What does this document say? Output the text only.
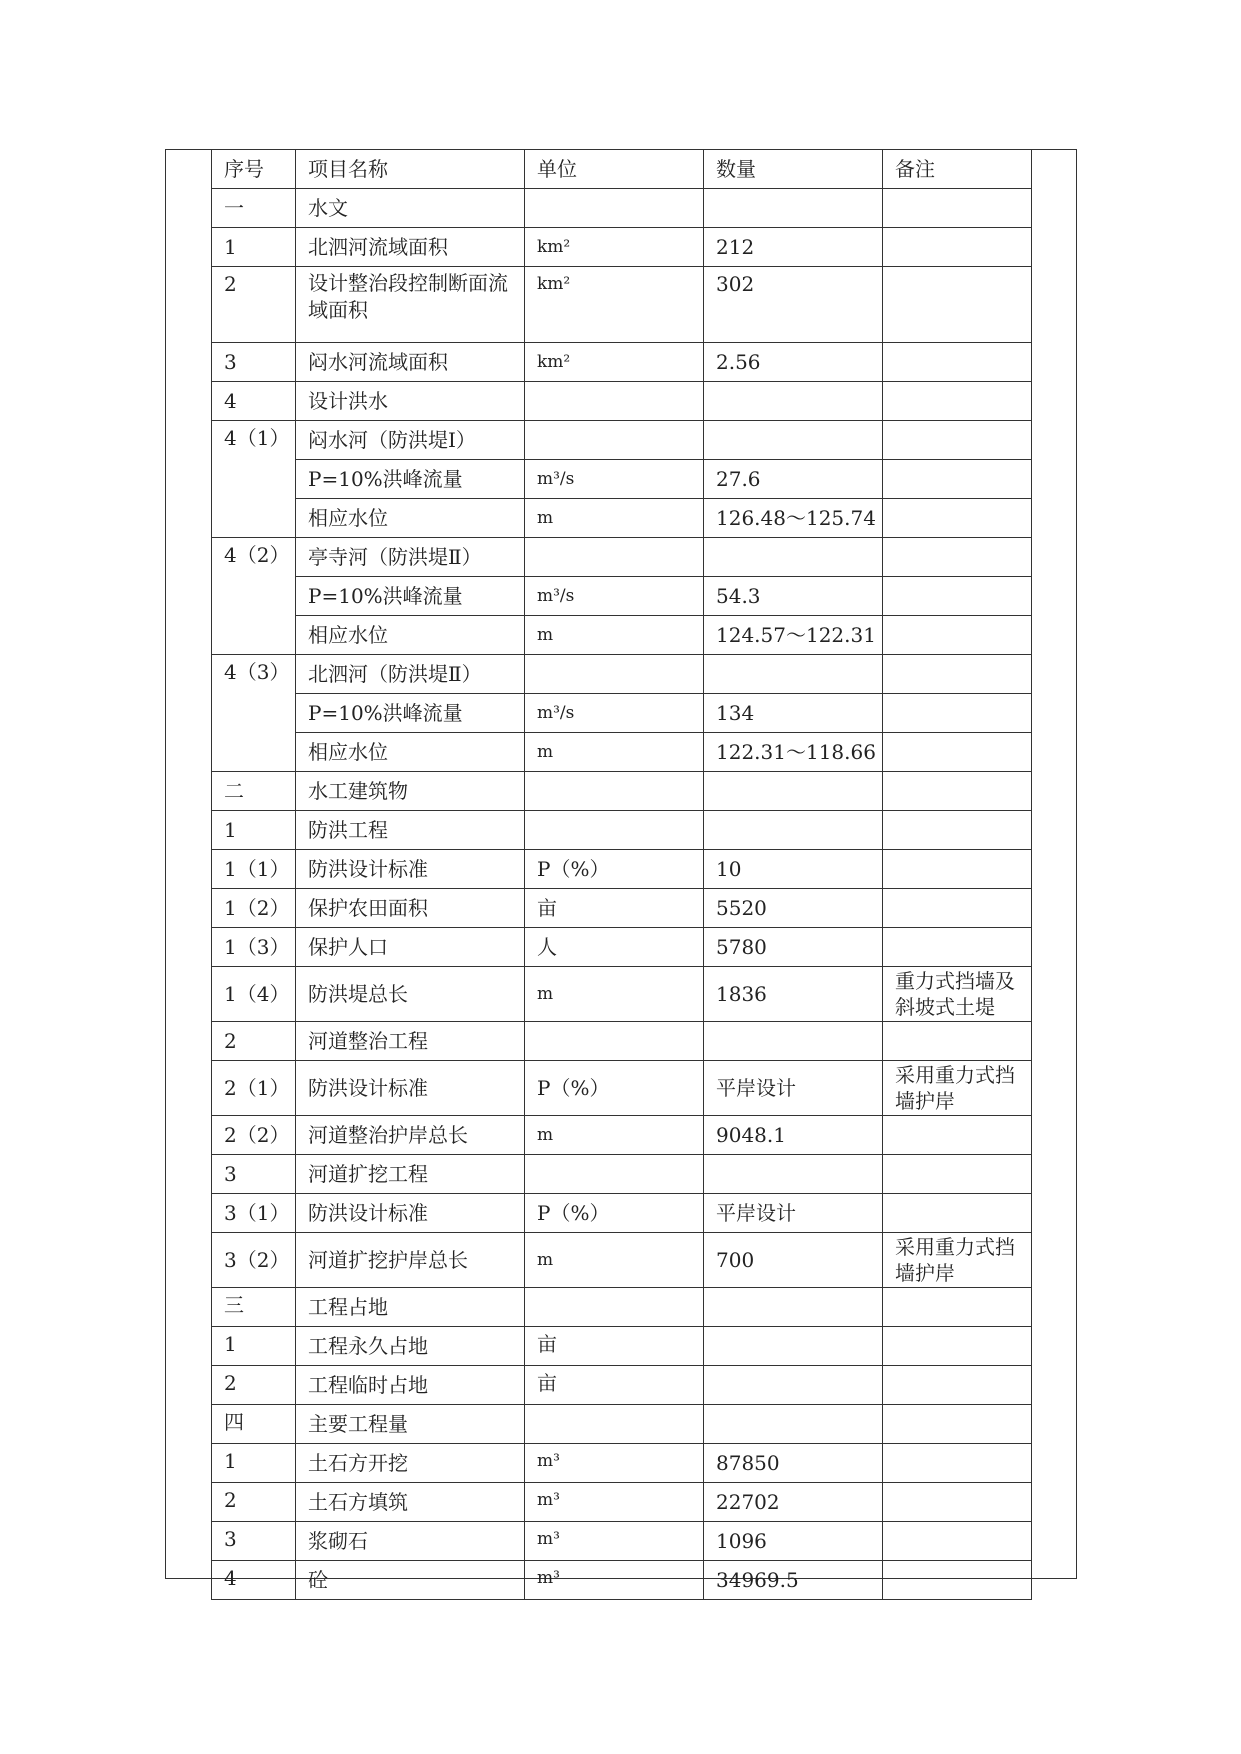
序号	项目名称	单位	数量	备注
一	水文			
1	北泗河流域面积	km²	212	
2	设计整治段控制断面流域面积	km²	302	
3	闷水河流域面积	km²	2.56	
4	设计洪水			
4（1）	闷水河（防洪堤Ⅰ）			
	P=10%洪峰流量	m³/s	27.6	
	相应水位	m	126.48～125.74	
4（2）	亭寺河（防洪堤Ⅱ）			
	P=10%洪峰流量	m³/s	54.3	
	相应水位	m	124.57～122.31	
4（3）	北泗河（防洪堤Ⅱ）			
	P=10%洪峰流量	m³/s	134	
	相应水位	m	122.31～118.66	
二	水工建筑物			
1	防洪工程			
1（1）	防洪设计标准	P（%）	10	
1（2）	保护农田面积	亩	5520	
1（3）	保护人口	人	5780	
1（4）	防洪堤总长	m	1836	重力式挡墙及斜坡式土堤
2	河道整治工程			
2（1）	防洪设计标准	P（%）	平岸设计	采用重力式挡墙护岸
2（2）	河道整治护岸总长	m	9048.1	
3	河道扩挖工程			
3（1）	防洪设计标准	P（%）	平岸设计	
3（2）	河道扩挖护岸总长	m	700	采用重力式挡墙护岸
三	工程占地			
1	工程永久占地	亩		
2	工程临时占地	亩		
四	主要工程量			
1	土石方开挖	m³	87850	
2	土石方填筑	m³	22702	
3	浆砌石	m³	1096	
4	砼	m³	34969.5	
